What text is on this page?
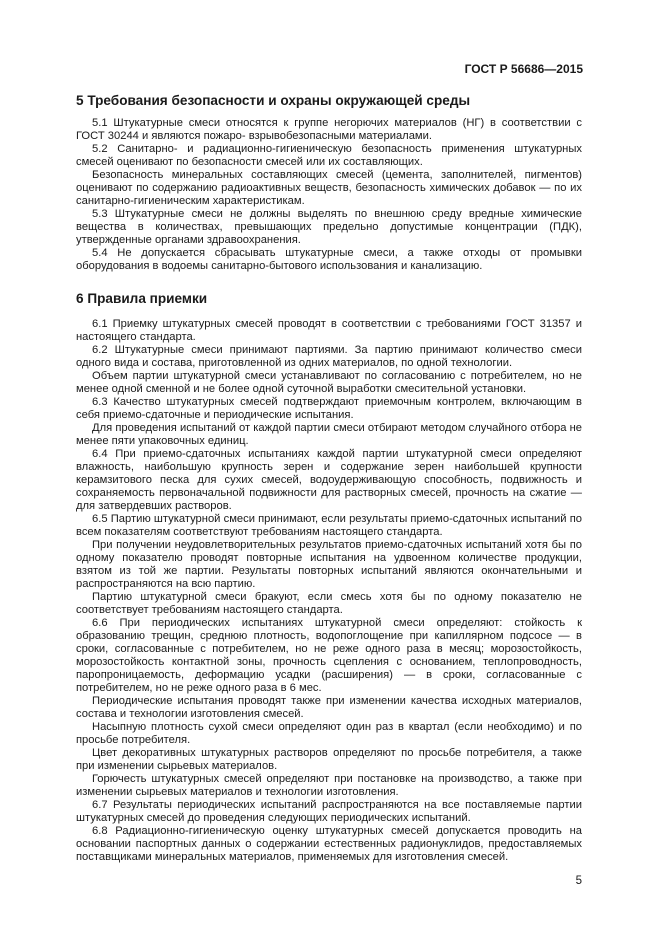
ГОСТ Р 56686—2015
5 Требования безопасности и охраны окружающей среды

5.1 Штукатурные смеси относятся к группе негорючих материалов (НГ) в соответствии с ГОСТ 30244 и являются пожаро- взрывобезопасными материалами.

5.2 Санитарно- и радиационно-гигиеническую безопасность применения штукатурных смесей оценивают по безопасности смесей или их составляющих.

Безопасность минеральных составляющих смесей (цемента, заполнителей, пигментов) оценивают по содержанию радиоактивных веществ, безопасность химических добавок — по их санитарно-гигиеническим характеристикам.

5.3 Штукатурные смеси не должны выделять по внешнюю среду вредные химические вещества в количествах, превышающих предельно допустимые концентрации (ПДК), утвержденные органами здравоохранения.

5.4 Не допускается сбрасывать штукатурные смеси, а также отходы от промывки оборудования в водоемы санитарно-бытового использования и канализацию.

6 Правила приемки

6.1 Приемку штукатурных смесей проводят в соответствии с требованиями ГОСТ 31357 и настоящего стандарта.

6.2 Штукатурные смеси принимают партиями. За партию принимают количество смеси одного вида и состава, приготовленной из одних материалов, по одной технологии.

Объем партии штукатурной смеси устанавливают по согласованию с потребителем, но не менее одной сменной и не более одной суточной выработки смесительной установки.

6.3 Качество штукатурных смесей подтверждают приемочным контролем, включающим в себя приемо-сдаточные и периодические испытания.

Для проведения испытаний от каждой партии смеси отбирают методом случайного отбора не менее пяти упаковочных единиц.

6.4 При приемо-сдаточных испытаниях каждой партии штукатурной смеси определяют влажность, наибольшую крупность зерен и содержание зерен наибольшей крупности керамзитового песка для сухих смесей, водоудерживающую способность, подвижность и сохраняемость первоначальной подвижности для растворных смесей, прочность на сжатие — для затвердевших растворов.

6.5 Партию штукатурной смеси принимают, если результаты приемо-сдаточных испытаний по всем показателям соответствуют требованиям настоящего стандарта.

При получении неудовлетворительных результатов приемо-сдаточных испытаний хотя бы по одному показателю проводят повторные испытания на удвоенном количестве продукции, взятом из той же партии. Результаты повторных испытаний являются окончательными и распространяются на всю партию.

Партию штукатурной смеси бракуют, если смесь хотя бы по одному показателю не соответствует требованиям настоящего стандарта.

6.6 При периодических испытаниях штукатурной смеси определяют: стойкость к образованию трещин, среднюю плотность, водопоглощение при капиллярном подсосе — в сроки, согласованные с потребителем, но не реже одного раза в месяц; морозостойкость, морозостойкость контактной зоны, прочность сцепления с основанием, теплопроводность, паропроницаемость, деформацию усадки (расширения) — в сроки, согласованные с потребителем, но не реже одного раза в 6 мес.

Периодические испытания проводят также при изменении качества исходных материалов, состава и технологии изготовления смесей.

Насыпную плотность сухой смеси определяют один раз в квартал (если необходимо) и по просьбе потребителя.

Цвет декоративных штукатурных растворов определяют по просьбе потребителя, а также при изменении сырьевых материалов.

Горючесть штукатурных смесей определяют при постановке на производство, а также при изменении сырьевых материалов и технологии изготовления.

6.7 Результаты периодических испытаний распространяются на все поставляемые партии штукатурных смесей до проведения следующих периодических испытаний.

6.8 Радиационно-гигиеническую оценку штукатурных смесей допускается проводить на основании паспортных данных о содержании естественных радионуклидов, предоставляемых поставщиками минеральных материалов, применяемых для изготовления смесей.

5
